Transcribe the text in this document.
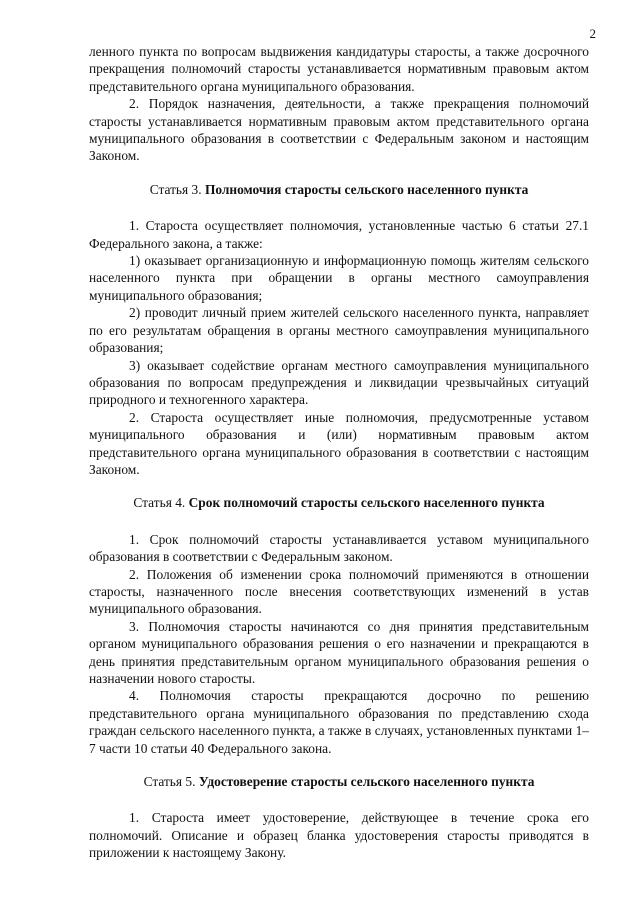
2

ленного пункта по вопросам выдвижения кандидатуры старосты, а также досрочного прекращения полномочий старосты устанавливается нормативным правовым актом представительного органа муниципального образования.

2. Порядок назначения, деятельности, а также прекращения полномочий старосты устанавливается нормативным правовым актом представительного органа муниципального образования в соответствии с Федеральным законом и настоящим Законом.

Статья 3. Полномочия старосты сельского населенного пункта

1. Староста осуществляет полномочия, установленные частью 6 статьи 27.1 Федерального закона, а также:

1) оказывает организационную и информационную помощь жителям сельского населенного пункта при обращении в органы местного самоуправления муниципального образования;

2) проводит личный прием жителей сельского населенного пункта, направляет по его результатам обращения в органы местного самоуправления муниципального образования;

3) оказывает содействие органам местного самоуправления муниципального образования по вопросам предупреждения и ликвидации чрезвычайных ситуаций природного и техногенного характера.

2. Староста осуществляет иные полномочия, предусмотренные уставом муниципального образования и (или) нормативным правовым актом представительного органа муниципального образования в соответствии с настоящим Законом.

Статья 4. Срок полномочий старосты сельского населенного пункта

1. Срок полномочий старосты устанавливается уставом муниципального образования в соответствии с Федеральным законом.

2. Положения об изменении срока полномочий применяются в отношении старосты, назначенного после внесения соответствующих изменений в устав муниципального образования.

3. Полномочия старосты начинаются со дня принятия представительным органом муниципального образования решения о его назначении и прекращаются в день принятия представительным органом муниципального образования решения о назначении нового старосты.

4. Полномочия старосты прекращаются досрочно по решению представительного органа муниципального образования по представлению схода граждан сельского населенного пункта, а также в случаях, установленных пунктами 1–7 части 10 статьи 40 Федерального закона.

Статья 5. Удостоверение старосты сельского населенного пункта

1. Староста имеет удостоверение, действующее в течение срока его полномочий. Описание и образец бланка удостоверения старосты приводятся в приложении к настоящему Закону.
